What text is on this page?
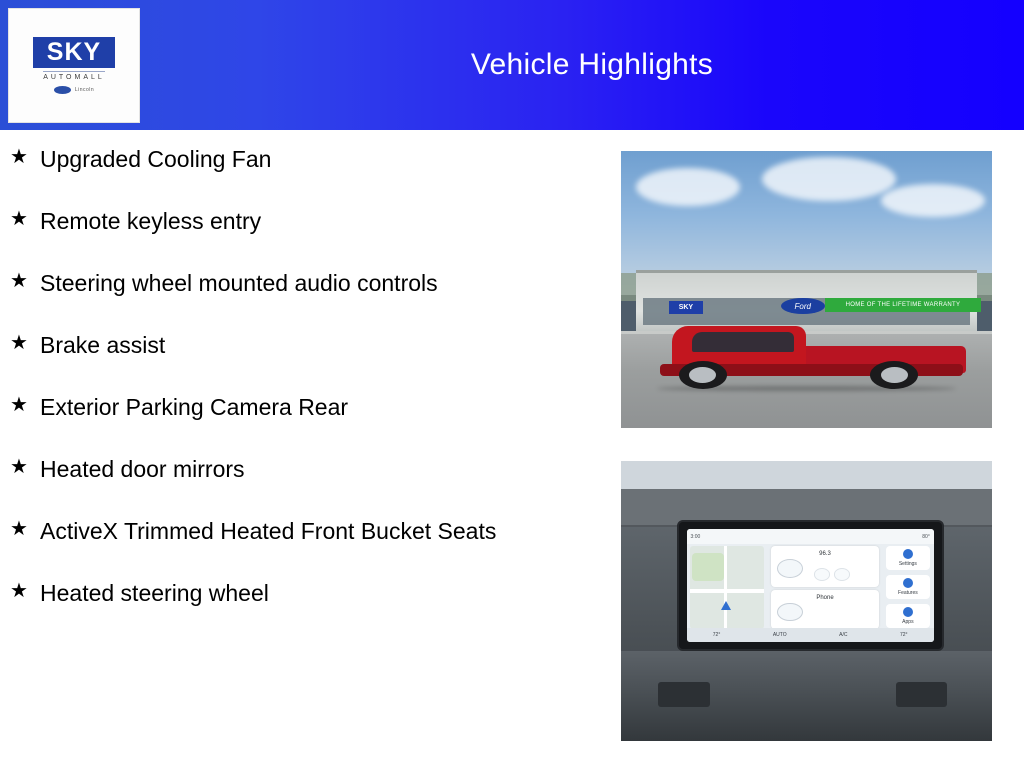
Vehicle Highlights
SKY
AUTOMALL
Lincoln
★ Upgraded Cooling Fan
★ Remote keyless entry
★ Steering wheel mounted audio controls
★ Brake assist
★ Exterior Parking Camera Rear
★ Heated door mirrors
★ ActiveX Trimmed Heated Front Bucket Seats
★ Heated steering wheel
SKY	Ford	HOME OF THE LIFETIME WARRANTY
3:00	80°
96.3
Phone
Settings
Features
Apps
72°	AUTO	A/C	72°
